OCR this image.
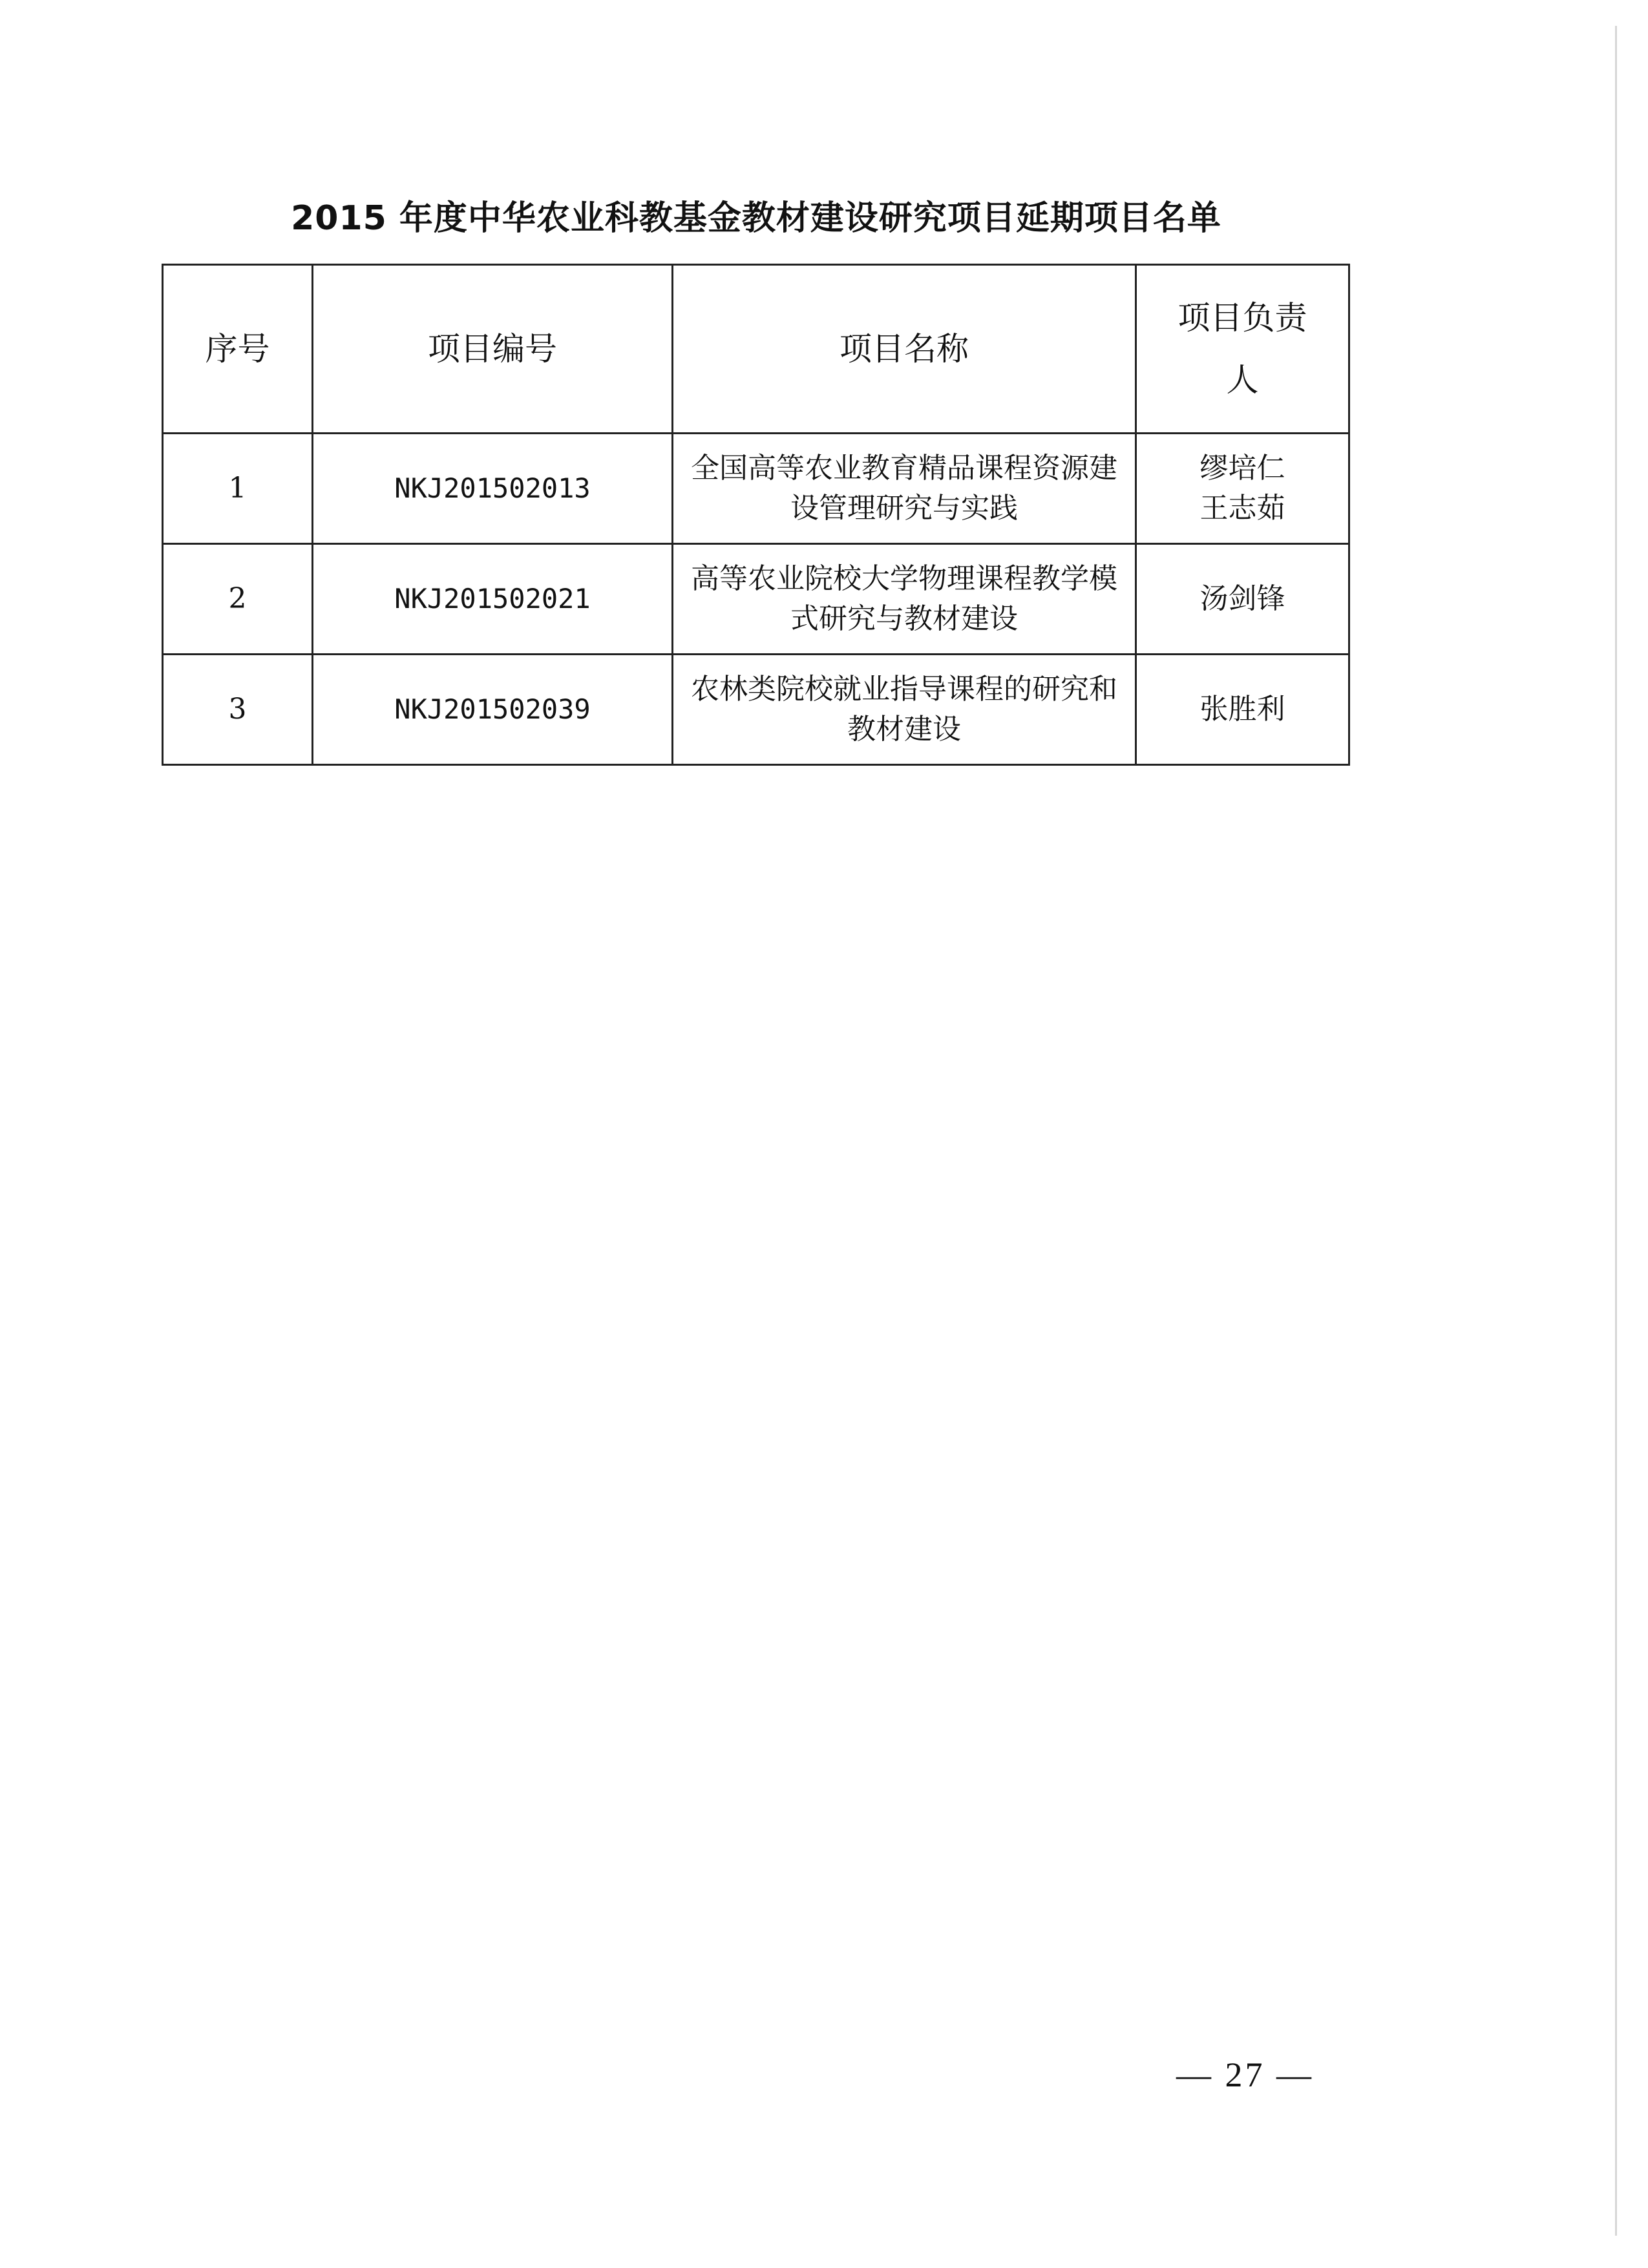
2015 年度中华农业科教基金教材建设研究项目延期项目名单
序号	项目编号	项目名称	项目负责人
1	NKJ201502013	全国高等农业教育精品课程资源建设管理研究与实践	缪培仁
王志茹

2	NKJ201502021	高等农业院校大学物理课程教学模式研究与教材建设	汤剑锋

3	NKJ201502039	农林类院校就业指导课程的研究和教材建设	张胜利
— 27 —
